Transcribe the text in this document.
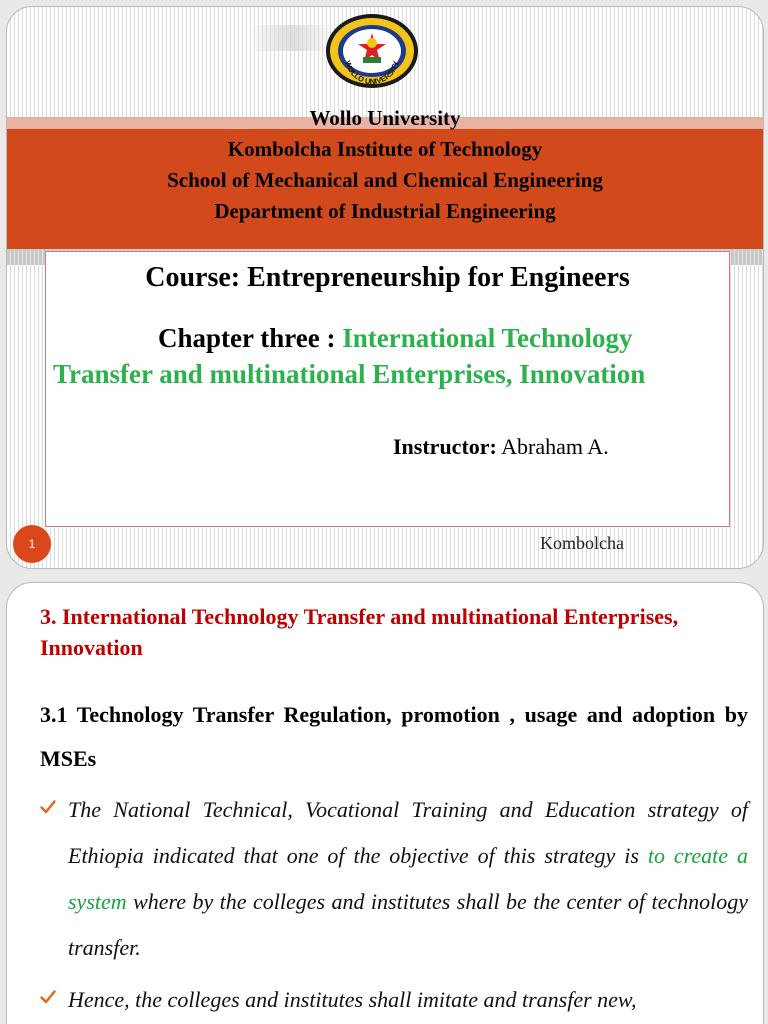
WOLLO UNIVERSITY
Wollo University
Kombolcha Institute of Technology
School of Mechanical and Chemical Engineering
Department of Industrial Engineering
Course: Entrepreneurship for Engineers
Chapter three : International Technology
Transfer and multinational Enterprises, Innovation
Instructor: Abraham A.
1	Kombolcha
3. International Technology Transfer and multinational Enterprises, Innovation
3.1 Technology Transfer Regulation, promotion , usage and adoption by MSEs
The National Technical, Vocational Training and Education strategy of Ethiopia indicated that one of the objective of this strategy is to create a system where by the colleges and institutes shall be the center of technology transfer.
Hence, the colleges and institutes shall imitate and transfer new,
